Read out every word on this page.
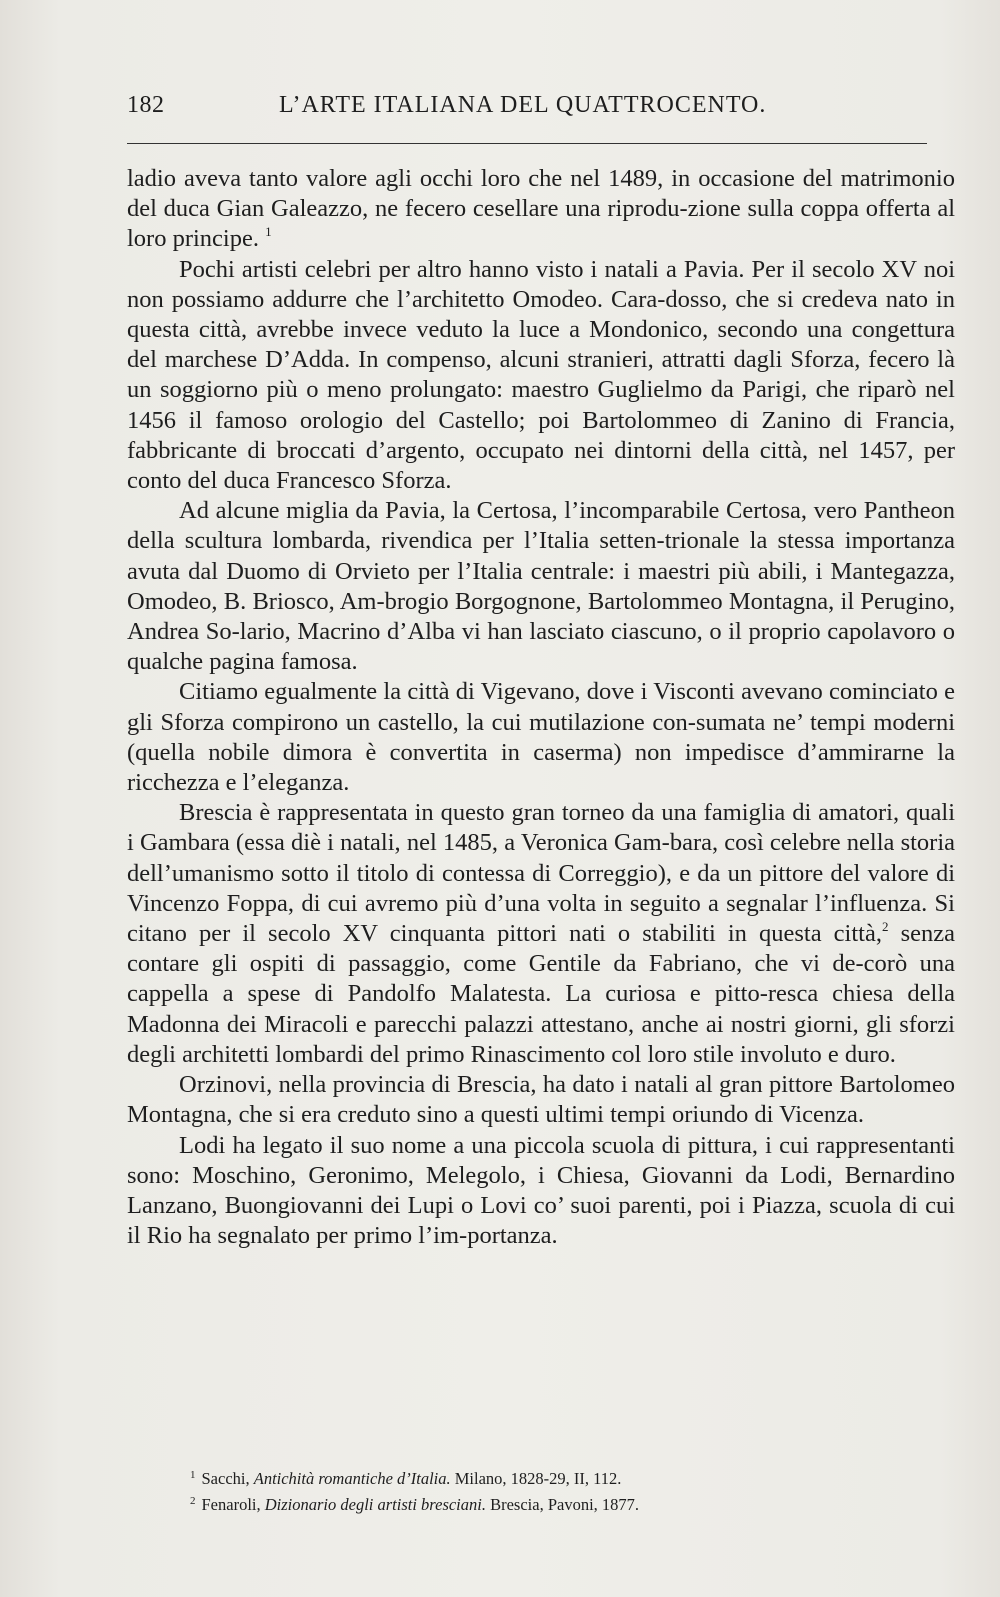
182	L’ARTE ITALIANA DEL QUATTROCENTO.

ladio aveva tanto valore agli occhi loro che nel 1489, in occasione del matrimonio del duca Gian Galeazzo, ne fecero cesellare una riprodu-zione sulla coppa offerta al loro principe. $^1$

Pochi artisti celebri per altro hanno visto i natali a Pavia. Per il secolo XV noi non possiamo addurre che l’architetto Omodeo. Cara-dosso, che si credeva nato in questa città, avrebbe invece veduto la luce a Mondonico, secondo una congettura del marchese D’Adda. In compenso, alcuni stranieri, attratti dagli Sforza, fecero là un soggiorno più o meno prolungato: maestro Guglielmo da Parigi, che riparò nel 1456 il famoso orologio del Castello; poi Bartolommeo di Zanino di Francia, fabbricante di broccati d’argento, occupato nei dintorni della città, nel 1457, per conto del duca Francesco Sforza.

Ad alcune miglia da Pavia, la Certosa, l’incomparabile Certosa, vero Pantheon della scultura lombarda, rivendica per l’Italia setten-trionale la stessa importanza avuta dal Duomo di Orvieto per l’Italia centrale: i maestri più abili, i Mantegazza, Omodeo, B. Briosco, Am-brogio Borgognone, Bartolommeo Montagna, il Perugino, Andrea So-lario, Macrino d’Alba vi han lasciato ciascuno, o il proprio capolavoro o qualche pagina famosa.

Citiamo egualmente la città di Vigevano, dove i Visconti avevano cominciato e gli Sforza compirono un castello, la cui mutilazione con-sumata ne’ tempi moderni (quella nobile dimora è convertita in caserma) non impedisce d’ammirarne la ricchezza e l’eleganza.

Brescia è rappresentata in questo gran torneo da una famiglia di amatori, quali i Gambara (essa diè i natali, nel 1485, a Veronica Gam-bara, così celebre nella storia dell’umanismo sotto il titolo di contessa di Correggio), e da un pittore del valore di Vincenzo Foppa, di cui avremo più d’una volta in seguito a segnalar l’influenza. Si citano per il secolo XV cinquanta pittori nati o stabiliti in questa città,$^2$ senza contare gli ospiti di passaggio, come Gentile da Fabriano, che vi de-corò una cappella a spese di Pandolfo Malatesta. La curiosa e pitto-resca chiesa della Madonna dei Miracoli e parecchi palazzi attestano, anche ai nostri giorni, gli sforzi degli architetti lombardi del primo Rinascimento col loro stile involuto e duro.

Orzinovi, nella provincia di Brescia, ha dato i natali al gran pittore Bartolomeo Montagna, che si era creduto sino a questi ultimi tempi oriundo di Vicenza.

Lodi ha legato il suo nome a una piccola scuola di pittura, i cui rappresentanti sono: Moschino, Geronimo, Melegolo, i Chiesa, Giovanni da Lodi, Bernardino Lanzano, Buongiovanni dei Lupi o Lovi co’ suoi parenti, poi i Piazza, scuola di cui il Rio ha segnalato per primo l’im-portanza.

$^1$ Sacchi, Antichità romantiche d’Italia. Milano, 1828-29, II, 112.

$^2$ Fenaroli, Dizionario degli artisti bresciani. Brescia, Pavoni, 1877.
